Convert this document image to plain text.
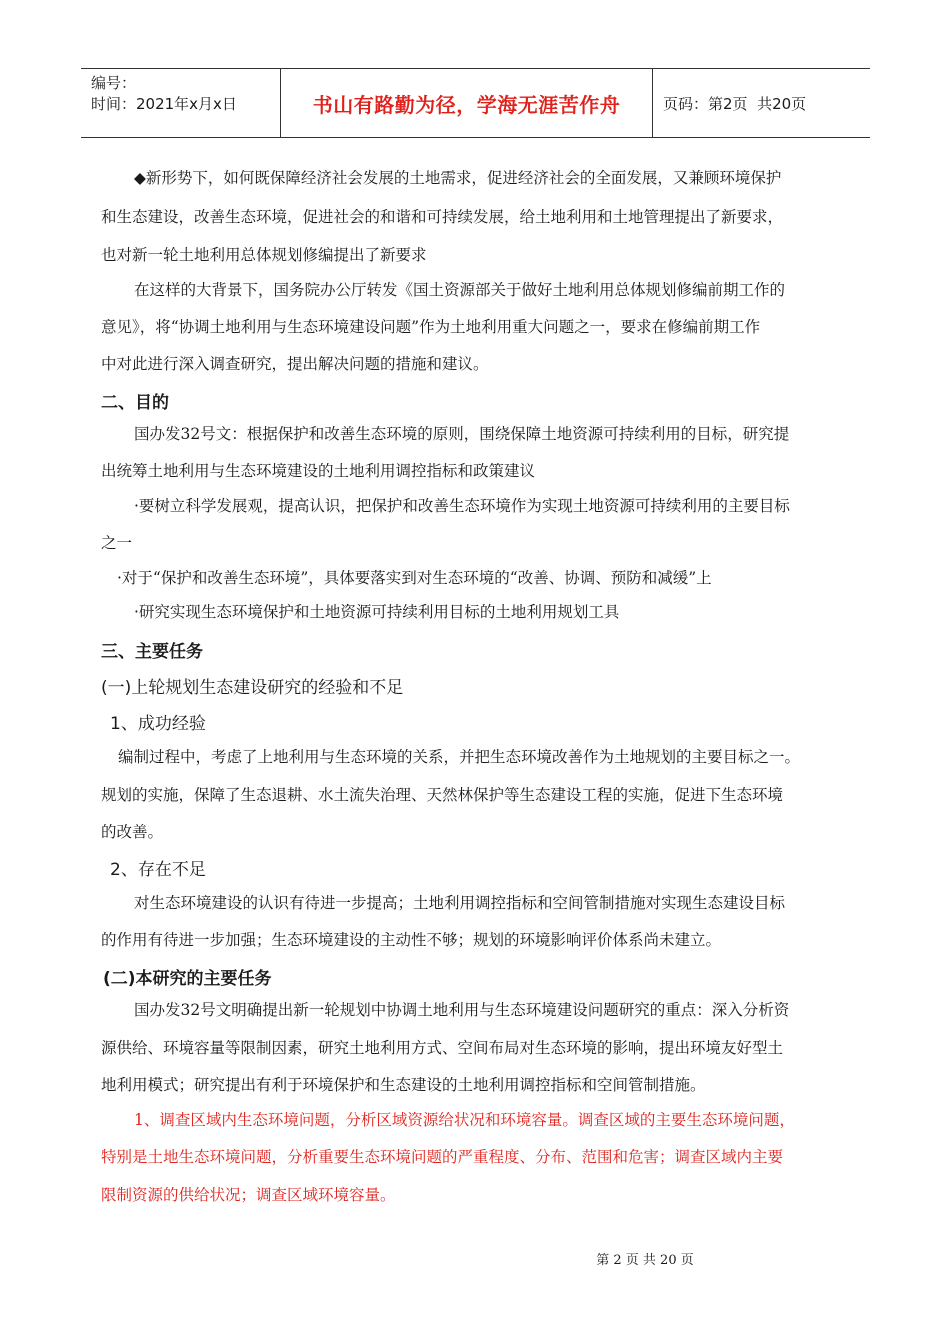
编号：
时间：2021年x月x日	书山有路勤为径，学海无涯苦作舟	页码：第2页  共20页
◆新形势下，如何既保障经济社会发展的土地需求，促进经济社会的全面发展，又兼顾环境保护
和生态建设，改善生态环境，促进社会的和谐和可持续发展，给土地利用和土地管理提出了新要求，
也对新一轮土地利用总体规划修编提出了新要求
在这样的大背景下，国务院办公厅转发《国土资源部关于做好土地利用总体规划修编前期工作的
意见》，将“协调土地利用与生态环境建设问题”作为土地利用重大问题之一，要求在修编前期工作
中对此进行深入调查研究，提出解决问题的措施和建议。
二、目的
国办发32号文：根据保护和改善生态环境的原则，围绕保障土地资源可持续利用的目标，研究提
出统筹土地利用与生态环境建设的土地利用调控指标和政策建议
·要树立科学发展观，提高认识，把保护和改善生态环境作为实现土地资源可持续利用的主要目标
之一
·对于“保护和改善生态环境”，具体要落实到对生态环境的“改善、协调、预防和减缓”上
·研究实现生态环境保护和土地资源可持续利用目标的土地利用规划工具
三、主要任务
(一)上轮规划生态建设研究的经验和不足
1、成功经验
编制过程中，考虑了上地利用与生态环境的关系，并把生态环境改善作为土地规划的主要目标之一。
规划的实施，保障了生态退耕、水土流失治理、天然林保护等生态建设工程的实施，促进下生态环境
的改善。
2、存在不足
对生态环境建设的认识有待进一步提高；土地利用调控指标和空间管制措施对实现生态建设目标
的作用有待进一步加强；生态环境建设的主动性不够；规划的环境影响评价体系尚未建立。
(二)本研究的主要任务
国办发32号文明确提出新一轮规划中协调土地利用与生态环境建设问题研究的重点：深入分析资
源供给、环境容量等限制因素，研究土地利用方式、空间布局对生态环境的影响，提出环境友好型土
地利用模式；研究提出有利于环境保护和生态建设的土地利用调控指标和空间管制措施。
1、调查区域内生态环境问题，分析区域资源给状况和环境容量。调查区域的主要生态环境问题，
特别是土地生态环境问题，分析重要生态环境问题的严重程度、分布、范围和危害；调查区域内主要
限制资源的供给状况；调查区域环境容量。
第 2 页 共 20 页
